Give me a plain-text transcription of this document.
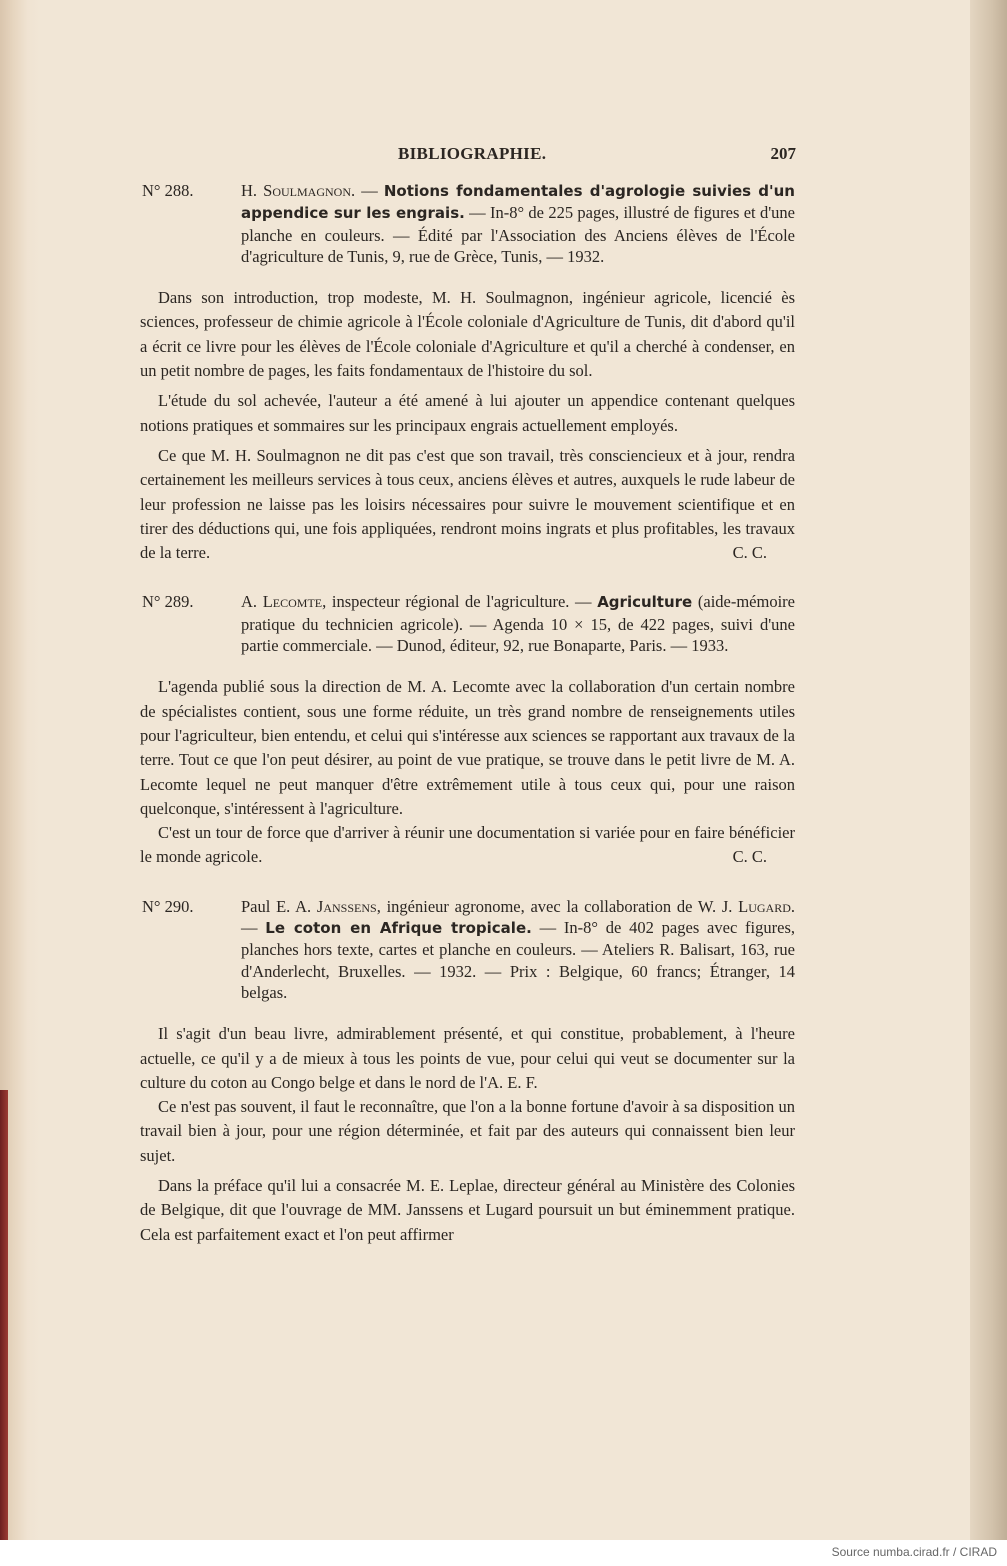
BIBLIOGRAPHIE.	207
N° 288.	H. Soulmagnon. — Notions fondamentales d'agrologie suivies d'un appendice sur les engrais. — In-8° de 225 pages, illustré de figures et d'une planche en couleurs. — Édité par l'Association des Anciens élèves de l'École d'agriculture de Tunis, 9, rue de Grèce, Tunis, — 1932.

Dans son introduction, trop modeste, M. H. Soulmagnon, ingénieur agricole, licencié ès sciences, professeur de chimie agricole à l'École coloniale d'Agriculture de Tunis, dit d'abord qu'il a écrit ce livre pour les élèves de l'École coloniale d'Agriculture et qu'il a cherché à condenser, en un petit nombre de pages, les faits fondamentaux de l'histoire du sol.

L'étude du sol achevée, l'auteur a été amené à lui ajouter un appendice contenant quelques notions pratiques et sommaires sur les principaux engrais actuellement employés.

Ce que M. H. Soulmagnon ne dit pas c'est que son travail, très consciencieux et à jour, rendra certainement les meilleurs services à tous ceux, anciens élèves et autres, auxquels le rude labeur de leur profession ne laisse pas les loisirs nécessaires pour suivre le mouvement scientifique et en tirer des déductions qui, une fois appliquées, rendront moins ingrats et plus profitables, les travaux de la terre.	C. C.

N° 289.	A. Lecomte, inspecteur régional de l'agriculture. — Agriculture (aide-mémoire pratique du technicien agricole). — Agenda 10 × 15, de 422 pages, suivi d'une partie commerciale. — Dunod, éditeur, 92, rue Bonaparte, Paris. — 1933.

L'agenda publié sous la direction de M. A. Lecomte avec la collaboration d'un certain nombre de spécialistes contient, sous une forme réduite, un très grand nombre de renseignements utiles pour l'agriculteur, bien entendu, et celui qui s'intéresse aux sciences se rapportant aux travaux de la terre. Tout ce que l'on peut désirer, au point de vue pratique, se trouve dans le petit livre de M. A. Lecomte lequel ne peut manquer d'être extrêmement utile à tous ceux qui, pour une raison quelconque, s'intéressent à l'agriculture.

C'est un tour de force que d'arriver à réunir une documentation si variée pour en faire bénéficier le monde agricole.	C. C.

N° 290.	Paul E. A. Janssens, ingénieur agronome, avec la collaboration de W. J. Lugard. — Le coton en Afrique tropicale. — In-8° de 402 pages avec figures, planches hors texte, cartes et planche en couleurs. — Ateliers R. Balisart, 163, rue d'Anderlecht, Bruxelles. — 1932. — Prix : Belgique, 60 francs; Étranger, 14 belgas.

Il s'agit d'un beau livre, admirablement présenté, et qui constitue, probablement, à l'heure actuelle, ce qu'il y a de mieux à tous les points de vue, pour celui qui veut se documenter sur la culture du coton au Congo belge et dans le nord de l'A. E. F.

Ce n'est pas souvent, il faut le reconnaître, que l'on a la bonne fortune d'avoir à sa disposition un travail bien à jour, pour une région déterminée, et fait par des auteurs qui connaissent bien leur sujet.

Dans la préface qu'il lui a consacrée M. E. Leplae, directeur général au Ministère des Colonies de Belgique, dit que l'ouvrage de MM. Janssens et Lugard poursuit un but éminemment pratique. Cela est parfaitement exact et l'on peut affirmer

Source numba.cirad.fr / CIRAD
